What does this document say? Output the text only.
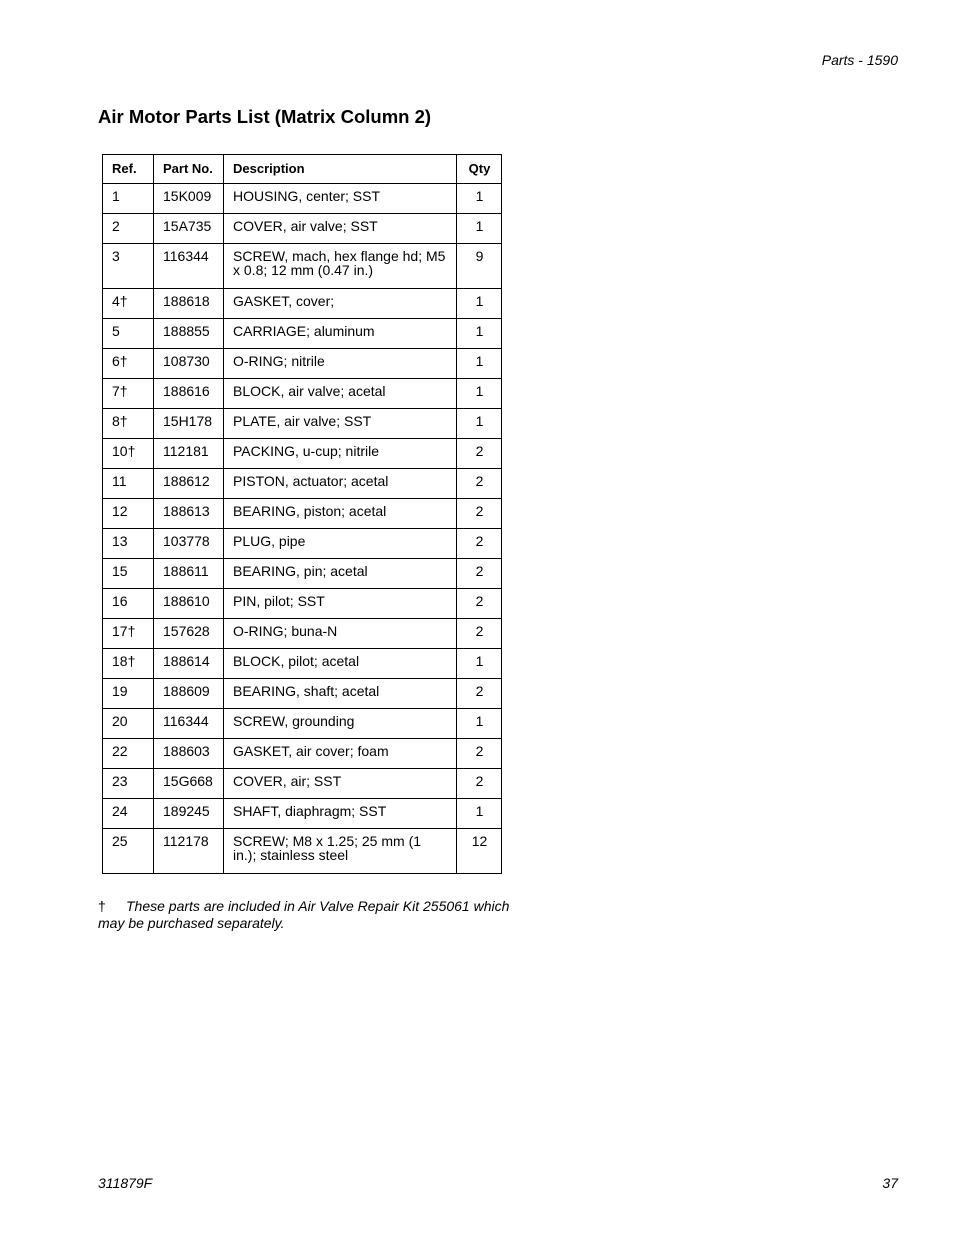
Parts - 1590
Air Motor Parts List (Matrix Column 2)
Ref.	Part No.	Description	Qty
1	15K009	HOUSING, center; SST	1
2	15A735	COVER, air valve; SST	1
3	116344	SCREW, mach, hex flange hd; M5 x 0.8; 12 mm (0.47 in.)	9
4†	188618	GASKET, cover;	1
5	188855	CARRIAGE; aluminum	1
6†	108730	O-RING; nitrile	1
7†	188616	BLOCK, air valve; acetal	1
8†	15H178	PLATE, air valve; SST	1
10†	112181	PACKING, u-cup; nitrile	2
11	188612	PISTON, actuator; acetal	2
12	188613	BEARING, piston; acetal	2
13	103778	PLUG, pipe	2
15	188611	BEARING, pin; acetal	2
16	188610	PIN, pilot; SST	2
17†	157628	O-RING; buna-N	2
18†	188614	BLOCK, pilot; acetal	1
19	188609	BEARING, shaft; acetal	2
20	116344	SCREW, grounding	1
22	188603	GASKET, air cover; foam	2
23	15G668	COVER, air; SST	2
24	189245	SHAFT, diaphragm; SST	1
25	112178	SCREW; M8 x 1.25; 25 mm (1 in.); stainless steel	12
† These parts are included in Air Valve Repair Kit 255061 which may be purchased separately.
311879F	37
